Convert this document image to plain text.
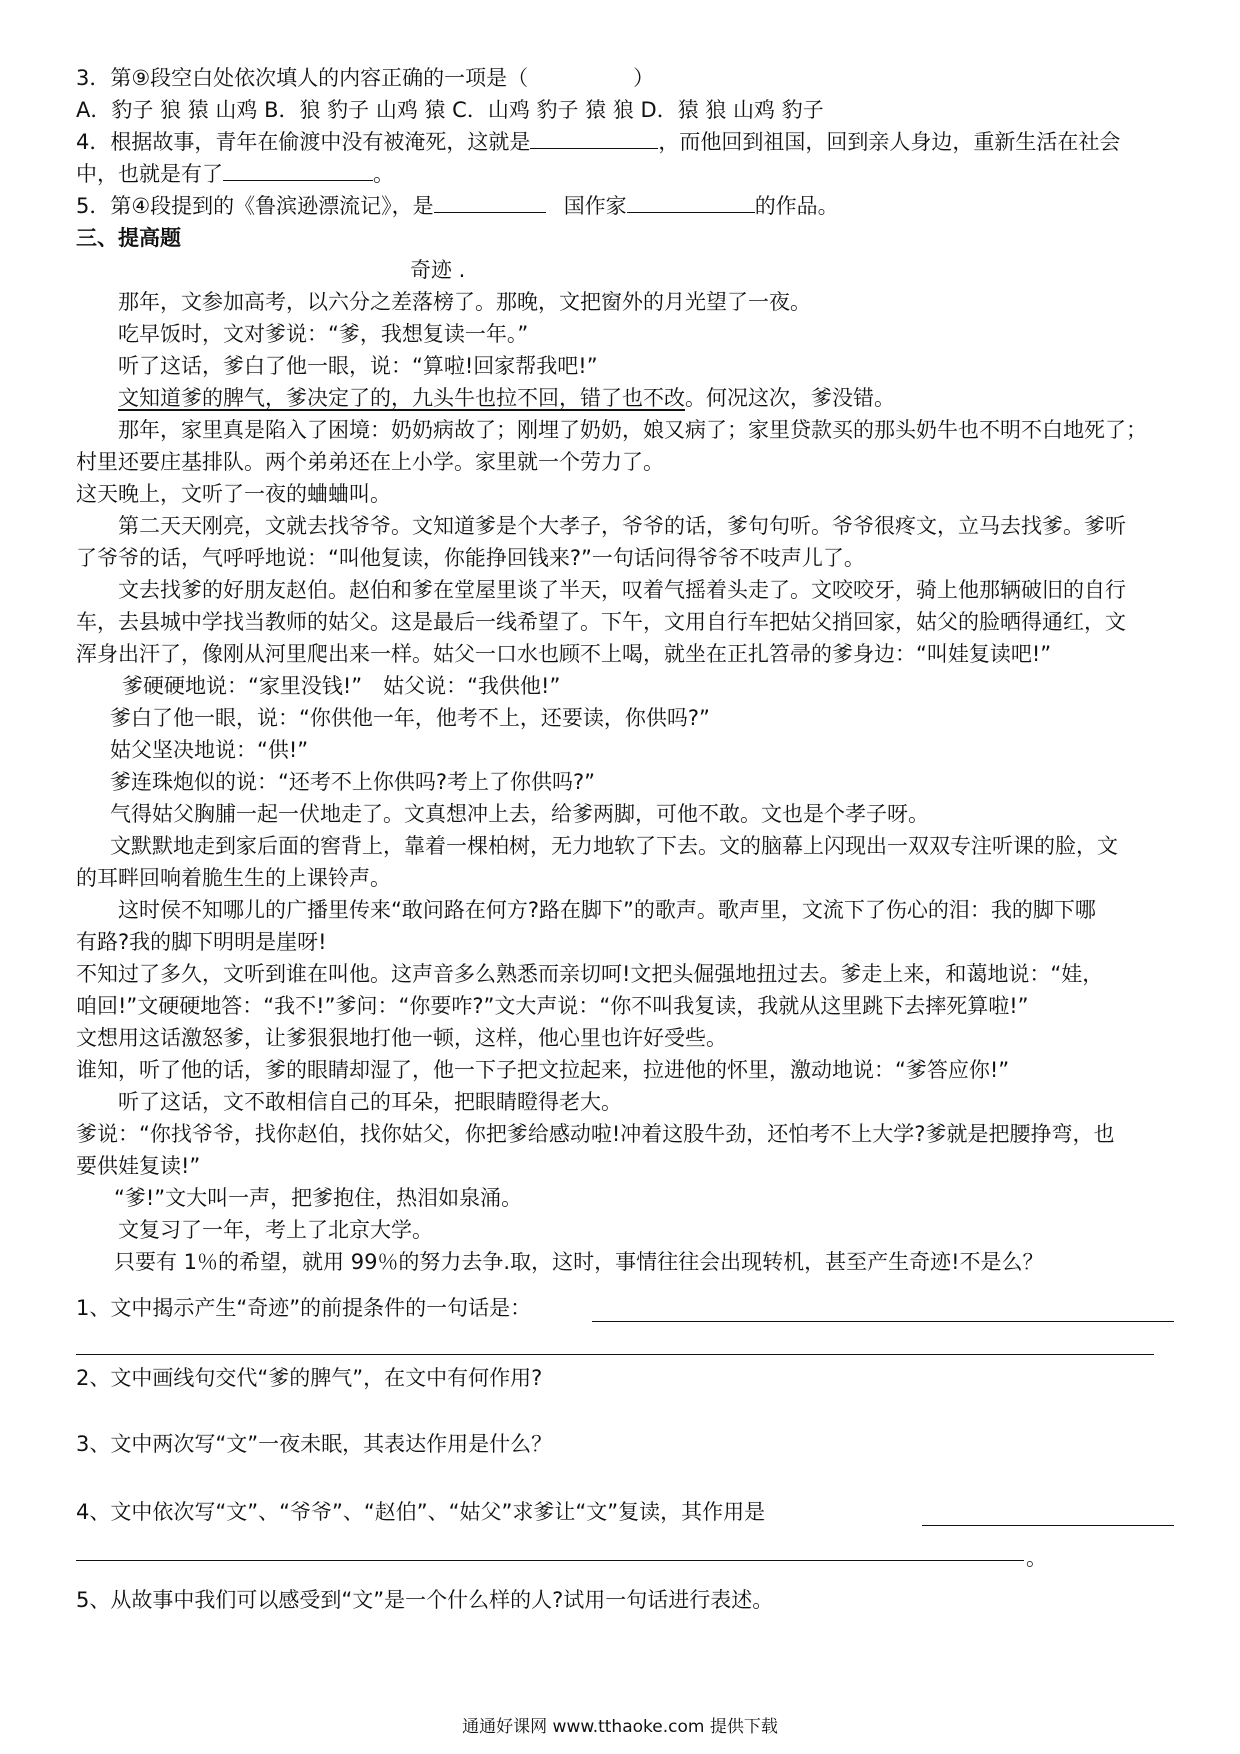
3．第⑨段空白处依次填人的内容正确的一项是（　　　　　）
A．豹子 狼 猿 山鸡 B．狼 豹子 山鸡 猿 C．山鸡 豹子 猿 狼 D．猿 狼 山鸡 豹子
4．根据故事，青年在偷渡中没有被淹死，这就是	，而他回到祖国，回到亲人身边，重新生活在社会
中，也就是有了	。
5．第④段提到的《鲁滨逊漂流记》，是	国作家	的作品。
三、提高题
奇迹 .
那年，文参加高考，以六分之差落榜了。那晚，文把窗外的月光望了一夜。
吃早饭时，文对爹说：“爹，我想复读一年。”
听了这话，爹白了他一眼，说：“算啦!回家帮我吧!”
文知道爹的脾气，爹决定了的，九头牛也拉不回，错了也不改。何况这次，爹没错。
那年，家里真是陷入了困境：奶奶病故了；刚埋了奶奶，娘又病了；家里贷款买的那头奶牛也不明不白地死了；
村里还要庄基排队。两个弟弟还在上小学。家里就一个劳力了。
这天晚上，文听了一夜的蛐蛐叫。
第二天天刚亮，文就去找爷爷。文知道爹是个大孝子，爷爷的话，爹句句听。爷爷很疼文，立马去找爹。爹听
了爷爷的话，气呼呼地说：“叫他复读，你能挣回钱来?”一句话问得爷爷不吱声儿了。
文去找爹的好朋友赵伯。赵伯和爹在堂屋里谈了半天，叹着气摇着头走了。文咬咬牙，骑上他那辆破旧的自行
车，去县城中学找当教师的姑父。这是最后一线希望了。下午，文用自行车把姑父捎回家，姑父的脸晒得通红，文
浑身出汗了，像刚从河里爬出来一样。姑父一口水也顾不上喝，就坐在正扎笤帚的爹身边：“叫娃复读吧!”
爹硬硬地说：“家里没钱!”　姑父说：“我供他!”
爹白了他一眼，说：“你供他一年，他考不上，还要读，你供吗?”
姑父坚决地说：“供!”
爹连珠炮似的说：“还考不上你供吗?考上了你供吗?”
气得姑父胸脯一起一伏地走了。文真想冲上去，给爹两脚，可他不敢。文也是个孝子呀。
文默默地走到家后面的窖背上，靠着一棵柏树，无力地软了下去。文的脑幕上闪现出一双双专注听课的脸，文
的耳畔回响着脆生生的上课铃声。
这时侯不知哪儿的广播里传来“敢问路在何方?路在脚下”的歌声。歌声里，文流下了伤心的泪：我的脚下哪
有路?我的脚下明明是崖呀!
不知过了多久，文听到谁在叫他。这声音多么熟悉而亲切呵!文把头倔强地扭过去。爹走上来，和蔼地说：“娃，
咱回!”文硬硬地答：“我不!”爹问：“你要咋?”文大声说：“你不叫我复读，我就从这里跳下去摔死算啦!”
文想用这话激怒爹，让爹狠狠地打他一顿，这样，他心里也许好受些。
谁知，听了他的话，爹的眼睛却湿了，他一下子把文拉起来，拉进他的怀里，激动地说：“爹答应你!”
听了这话，文不敢相信自己的耳朵，把眼睛瞪得老大。
爹说：“你找爷爷，找你赵伯，找你姑父，你把爹给感动啦!冲着这股牛劲，还怕考不上大学?爹就是把腰挣弯，也
要供娃复读!”
“爹!”文大叫一声，把爹抱住，热泪如泉涌。
文复习了一年，考上了北京大学。
只要有 1％的希望，就用 99％的努力去争.取，这时，事情往往会出现转机，甚至产生奇迹!不是么？
1、文中揭示产生“奇迹”的前提条件的一句话是：
2、文中画线句交代“爹的脾气”，在文中有何作用?
3、文中两次写“文”一夜未眠，其表达作用是什么？
4、文中依次写“文”、“爷爷”、“赵伯”、“姑父”求爹让“文”复读，其作用是
。
5、从故事中我们可以感受到“文”是一个什么样的人?试用一句话进行表述。
通通好课网 www.tthaoke.com 提供下载
